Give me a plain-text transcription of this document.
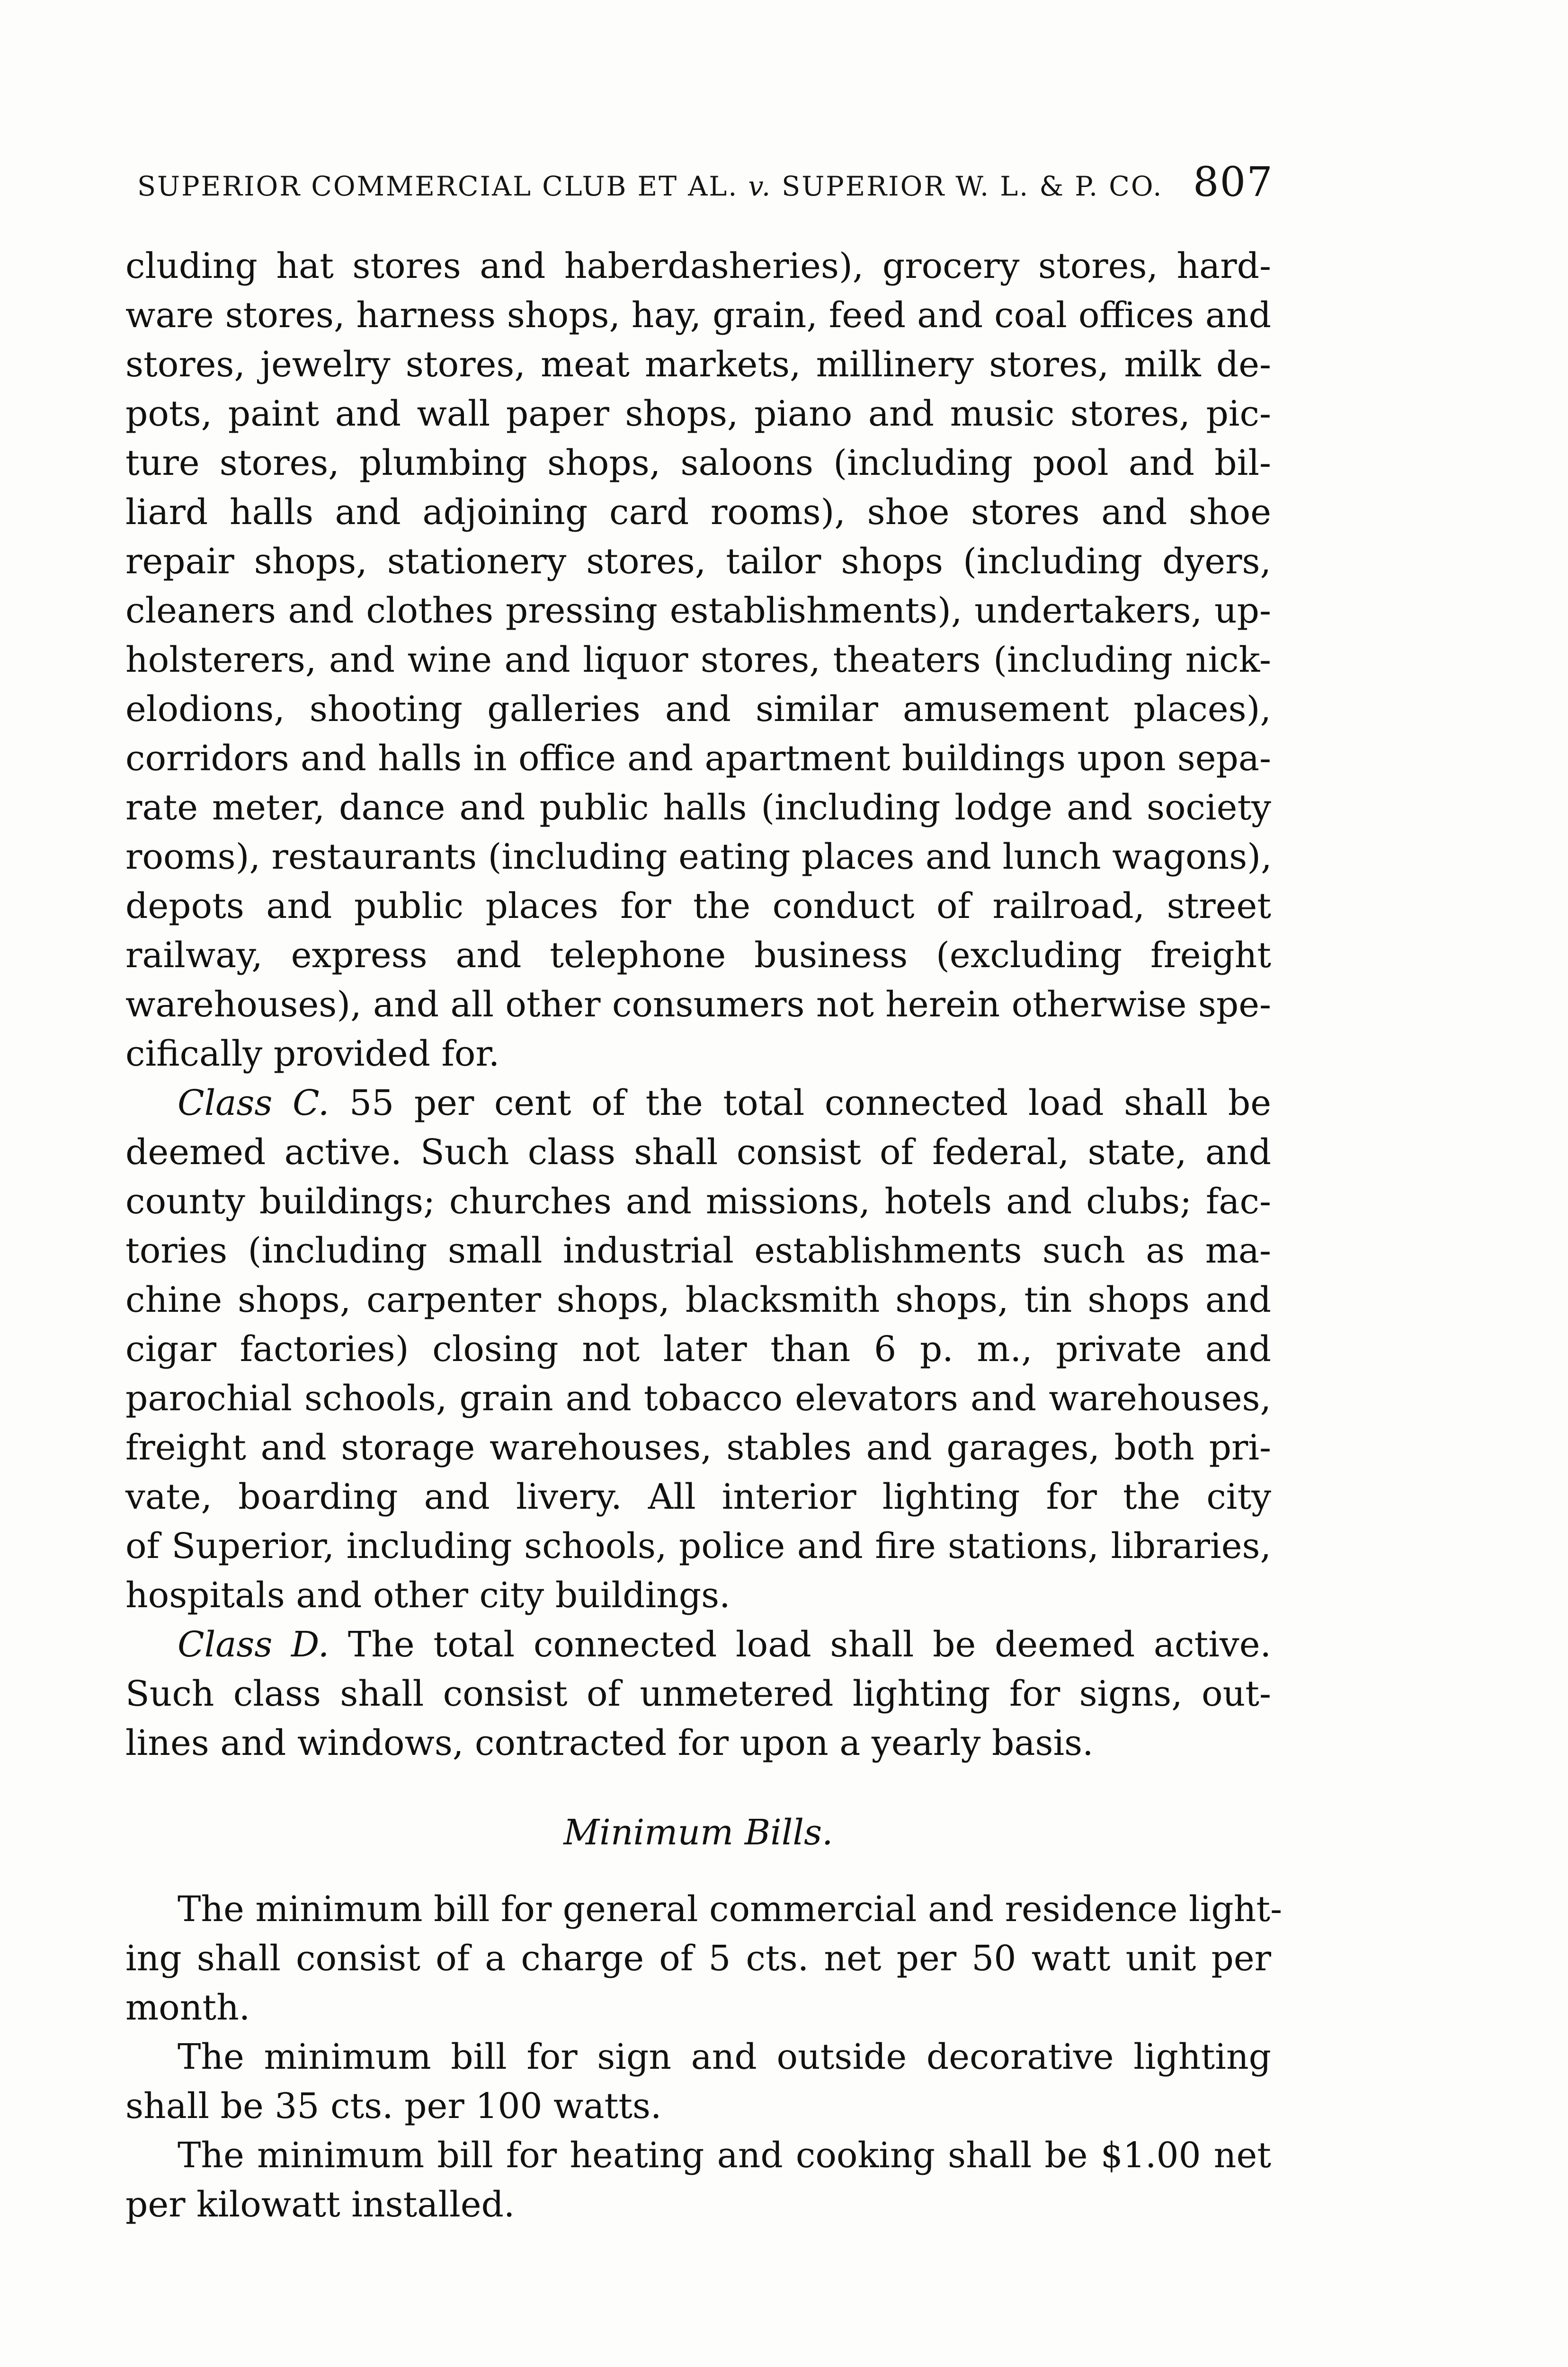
SUPERIOR COMMERCIAL CLUB ET AL. v. SUPERIOR W. L. & P. CO. 807
cluding hat stores and haberdasheries), grocery stores, hard-
ware stores, harness shops, hay, grain, feed and coal offices and
stores, jewelry stores, meat markets, millinery stores, milk de-
pots, paint and wall paper shops, piano and music stores, pic-
ture stores, plumbing shops, saloons (including pool and bil-
liard halls and adjoining card rooms), shoe stores and shoe
repair shops, stationery stores, tailor shops (including dyers,
cleaners and clothes pressing establishments), undertakers, up-
holsterers, and wine and liquor stores, theaters (including nick-
elodions, shooting galleries and similar amusement places),
corridors and halls in office and apartment buildings upon sepa-
rate meter, dance and public halls (including lodge and society
rooms), restaurants (including eating places and lunch wagons),
depots and public places for the conduct of railroad, street
railway, express and telephone business (excluding freight
warehouses), and all other consumers not herein otherwise spe-
cifically provided for.
Class C. 55 per cent of the total connected load shall be
deemed active. Such class shall consist of federal, state, and
county buildings; churches and missions, hotels and clubs; fac-
tories (including small industrial establishments such as ma-
chine shops, carpenter shops, blacksmith shops, tin shops and
cigar factories) closing not later than 6 p. m., private and
parochial schools, grain and tobacco elevators and warehouses,
freight and storage warehouses, stables and garages, both pri-
vate, boarding and livery. All interior lighting for the city
of Superior, including schools, police and fire stations, libraries,
hospitals and other city buildings.
Class D. The total connected load shall be deemed active.
Such class shall consist of unmetered lighting for signs, out-
lines and windows, contracted for upon a yearly basis.
Minimum Bills.
The minimum bill for general commercial and residence light-
ing shall consist of a charge of 5 cts. net per 50 watt unit per
month.
The minimum bill for sign and outside decorative lighting
shall be 35 cts. per 100 watts.
The minimum bill for heating and cooking shall be $1.00 net
per kilowatt installed.
